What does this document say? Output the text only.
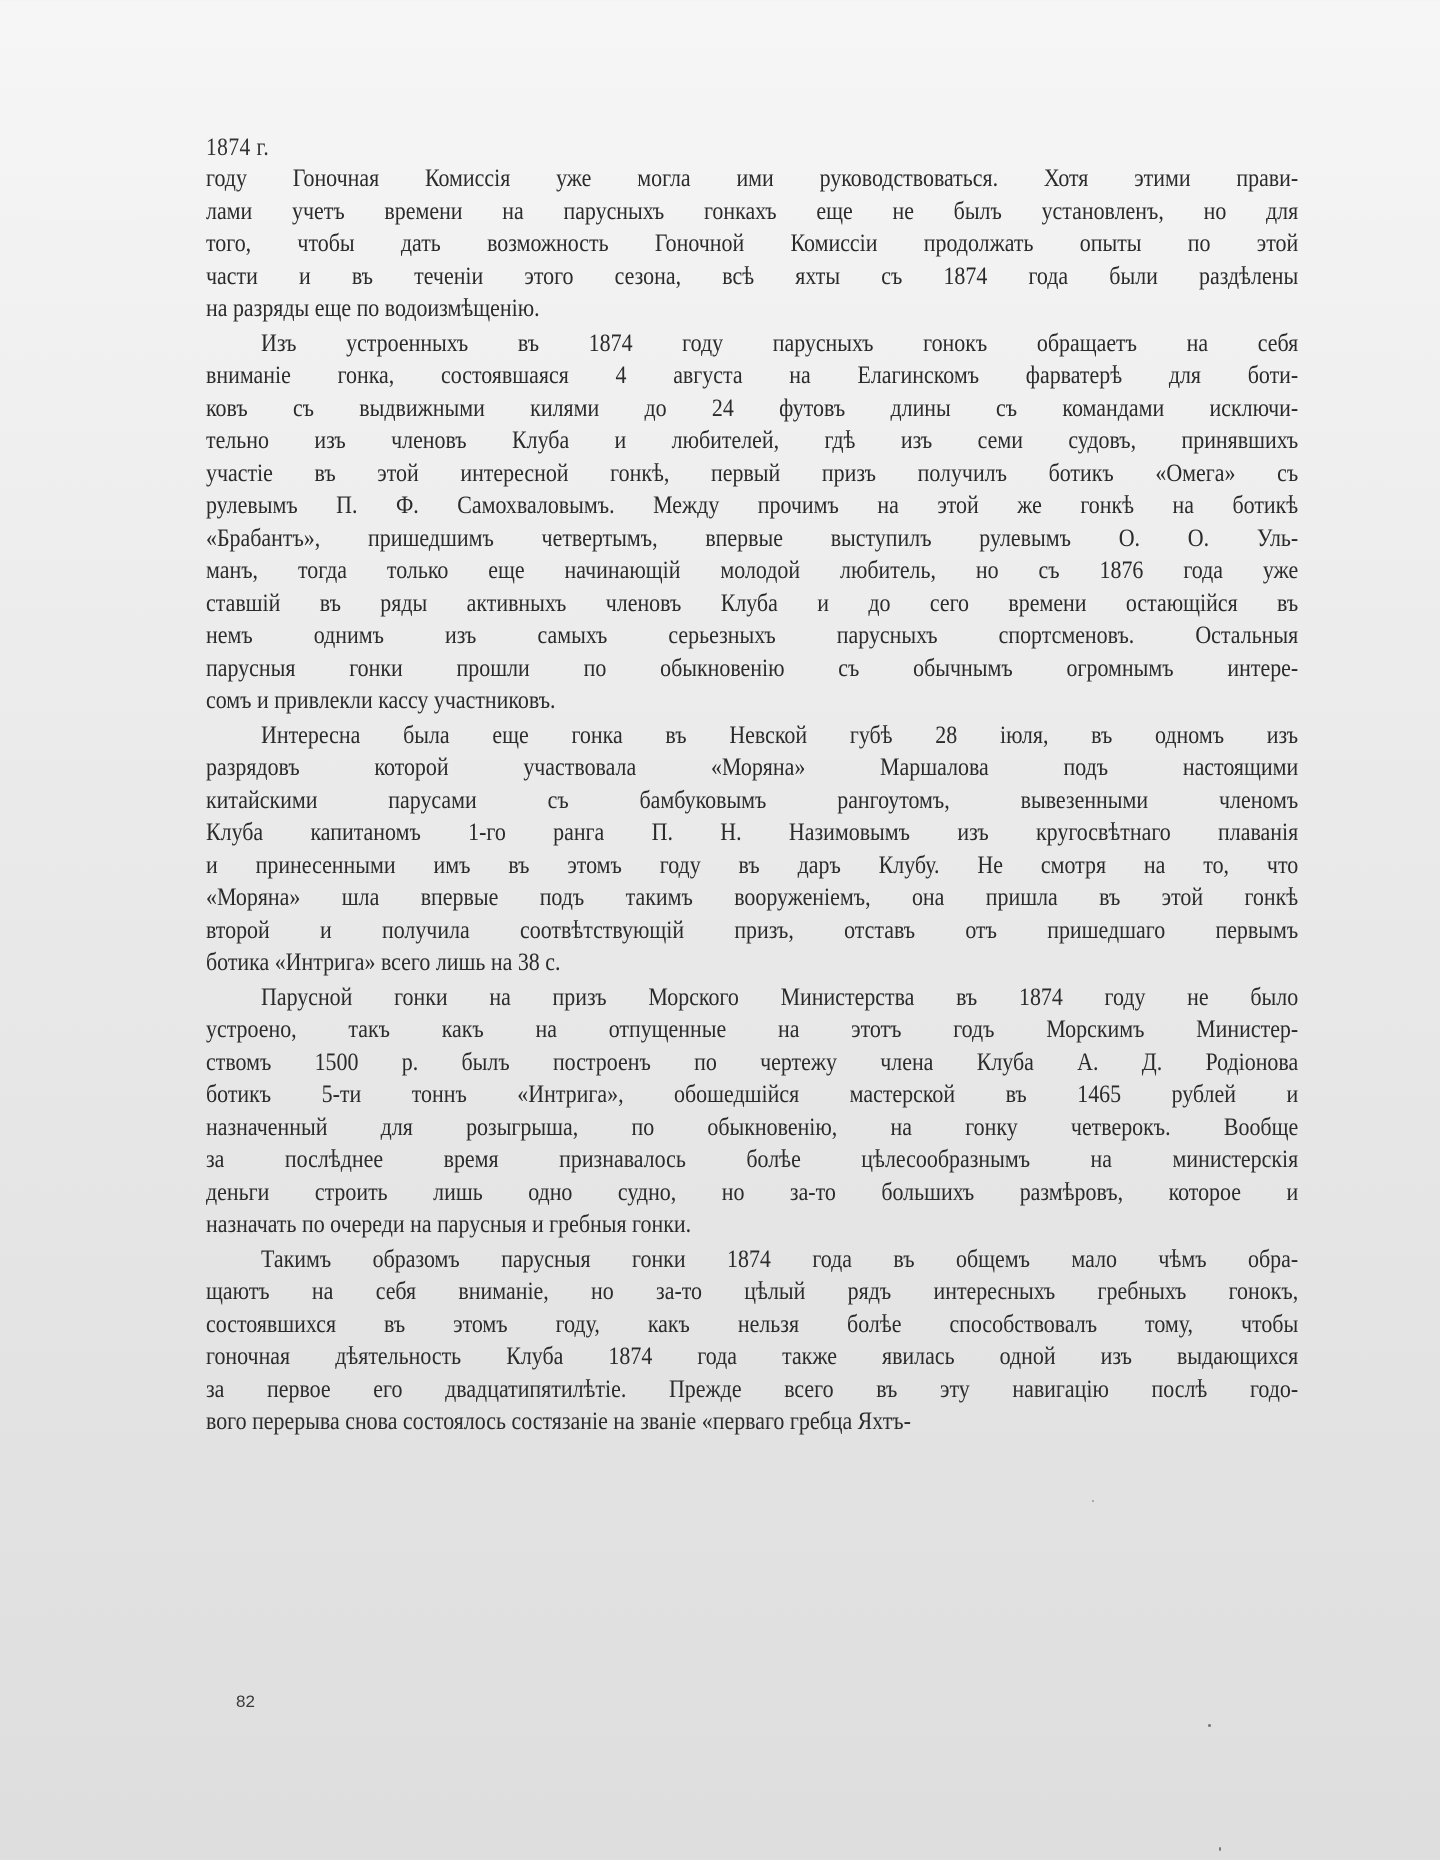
1874 г.
году Гоночная Комиссія уже могла ими руководствоваться. Хотя этими прави-
лами учетъ времени на парусныхъ гонкахъ еще не былъ установленъ, но для
того, чтобы дать возможность Гоночной Комиссіи продолжать опыты по этой
части и въ теченіи этого сезона, всѣ яхты съ 1874 года были раздѣлены
на разряды еще по водоизмѣщенію.
Изъ устроенныхъ въ 1874 году парусныхъ гонокъ обращаетъ на себя
вниманіе гонка, состоявшаяся 4 августа на Елагинскомъ фарватерѣ для боти-
ковъ съ выдвижными килями до 24 футовъ длины съ командами исключи-
тельно изъ членовъ Клуба и любителей, гдѣ изъ семи судовъ, принявшихъ
участіе въ этой интересной гонкѣ, первый призъ получилъ ботикъ «Омега» съ
рулевымъ П. Ф. Самохваловымъ. Между прочимъ на этой же гонкѣ на ботикѣ
«Брабантъ», пришедшимъ четвертымъ, впервые выступилъ рулевымъ О. О. Уль-
манъ, тогда только еще начинающій молодой любитель, но съ 1876 года уже
ставшій въ ряды активныхъ членовъ Клуба и до сего времени остающійся въ
немъ однимъ изъ самыхъ серьезныхъ парусныхъ спортсменовъ. Остальныя
парусныя гонки прошли по обыкновенію съ обычнымъ огромнымъ интере-
сомъ и привлекли кассу участниковъ.
Интересна была еще гонка въ Невской губѣ 28 іюля, въ одномъ изъ
разрядовъ которой участвовала «Моряна» Маршалова подъ настоящими
китайскими парусами съ бамбуковымъ рангоутомъ, вывезенными членомъ
Клуба капитаномъ 1-го ранга П. Н. Назимовымъ изъ кругосвѣтнаго плаванія
и принесенными имъ въ этомъ году въ даръ Клубу. Не смотря на то, что
«Моряна» шла впервые подъ такимъ вооруженіемъ, она пришла въ этой гонкѣ
второй и получила соотвѣтствующій призъ, отставъ отъ пришедшаго первымъ
ботика «Интрига» всего лишь на 38 с.
Парусной гонки на призъ Морского Министерства въ 1874 году не было
устроено, такъ какъ на отпущенные на этотъ годъ Морскимъ Министер-
ствомъ 1500 р. былъ построенъ по чертежу члена Клуба А. Д. Родіонова
ботикъ 5-ти тоннъ «Интрига», обошедшійся мастерской въ 1465 рублей и
назначенный для розыгрыша, по обыкновенію, на гонку четверокъ. Вообще
за послѣднее время признавалось болѣе цѣлесообразнымъ на министерскія
деньги строить лишь одно судно, но за-то большихъ размѣровъ, которое и
назначать по очереди на парусныя и гребныя гонки.
Такимъ образомъ парусныя гонки 1874 года въ общемъ мало чѣмъ обра-
щаютъ на себя вниманіе, но за-то цѣлый рядъ интересныхъ гребныхъ гонокъ,
состоявшихся въ этомъ году, какъ нельзя болѣе способствовалъ тому, чтобы
гоночная дѣятельность Клуба 1874 года также явилась одной изъ выдающихся
за первое его двадцатипятилѣтіе. Прежде всего въ эту навигацію послѣ годо-
вого перерыва снова состоялось состязаніе на званіе «перваго гребца Яхтъ-
82
